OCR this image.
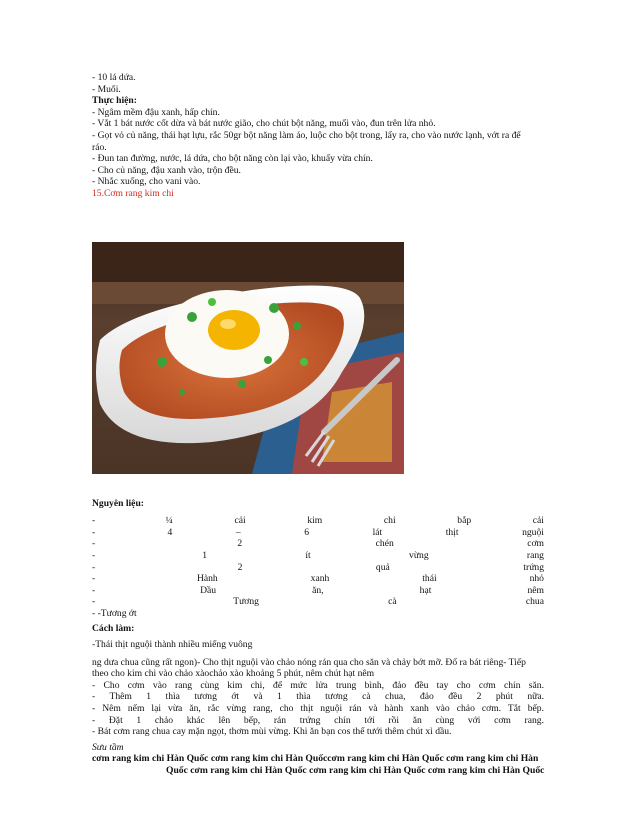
- 10 lá dứa.
- Muối.
Thực hiện:
- Ngâm mềm đậu xanh, hấp chín.
- Vắt 1 bát nước cốt dừa và bát nước gião, cho chút bột năng, muối vào, đun trên lửa nhỏ.
- Gọt vỏ củ năng, thái hạt lựu, rắc 50gr bột năng làm áo, luộc cho bột trong, lấy ra, cho vào nước lạnh, vớt ra để
ráo.
- Đun tan đường, nước, lá dứa, cho bột năng còn lại vào, khuấy vừa chín.
- Cho củ năng, đậu xanh vào, trộn đều.
- Nhắc xuống, cho vani vào.
15.Cơm rang kim chi
Nguyên liệu:
-	¼	cải	kim	chi	bắp	cải
-	4	–	6	lát	thịt	nguội
-	2	chén	cơm
-	1	ít	vừng	rang
-	2	quả	trứng
-	Hành	xanh	thái	nhỏ
-	Dầu	ăn,	hạt	nêm
-	Tương	cà	chua
- -Tương ớt
Cách làm:
-Thái thịt nguội thành nhiều miếng vuông
ng dưa chua cũng rất ngon)- Cho thịt nguội vào chảo nóng rán qua cho săn và chảy bớt mỡ. Đổ ra bát riêng- Tiếp
theo cho kim chi vào chảo xàochảo xào khoảng 5 phút, nêm chút hạt nêm
- Cho cơm vào rang cùng kim chi, để mức lửa trung bình, đảo đều tay cho cơm chín săn.
- Thêm 1 thìa tương ớt và 1 thìa tương cà chua, đảo đều 2 phút nữa.
- Nêm nếm lại vừa ăn, rắc vừng rang, cho thịt nguội rán và hành xanh vào chảo cơm. Tắt bếp.
- Đặt 1 chảo khác lên bếp, rán trứng chín tới rồi ăn cùng với cơm rang.
- Bát cơm rang chua cay mặn ngọt, thơm mùi vừng. Khi ăn bạn cos thể tưới thêm chút xì dầu.
Sưu tầm
cơm rang kim chi Hàn Quốc cơm rang kim chi Hàn Quốccơm rang kim chi Hàn Quốc cơm rang kim chi Hàn
Quốc cơm rang kim chi Hàn Quốc cơm rang kim chi Hàn Quốc cơm rang kim chi Hàn Quốc
